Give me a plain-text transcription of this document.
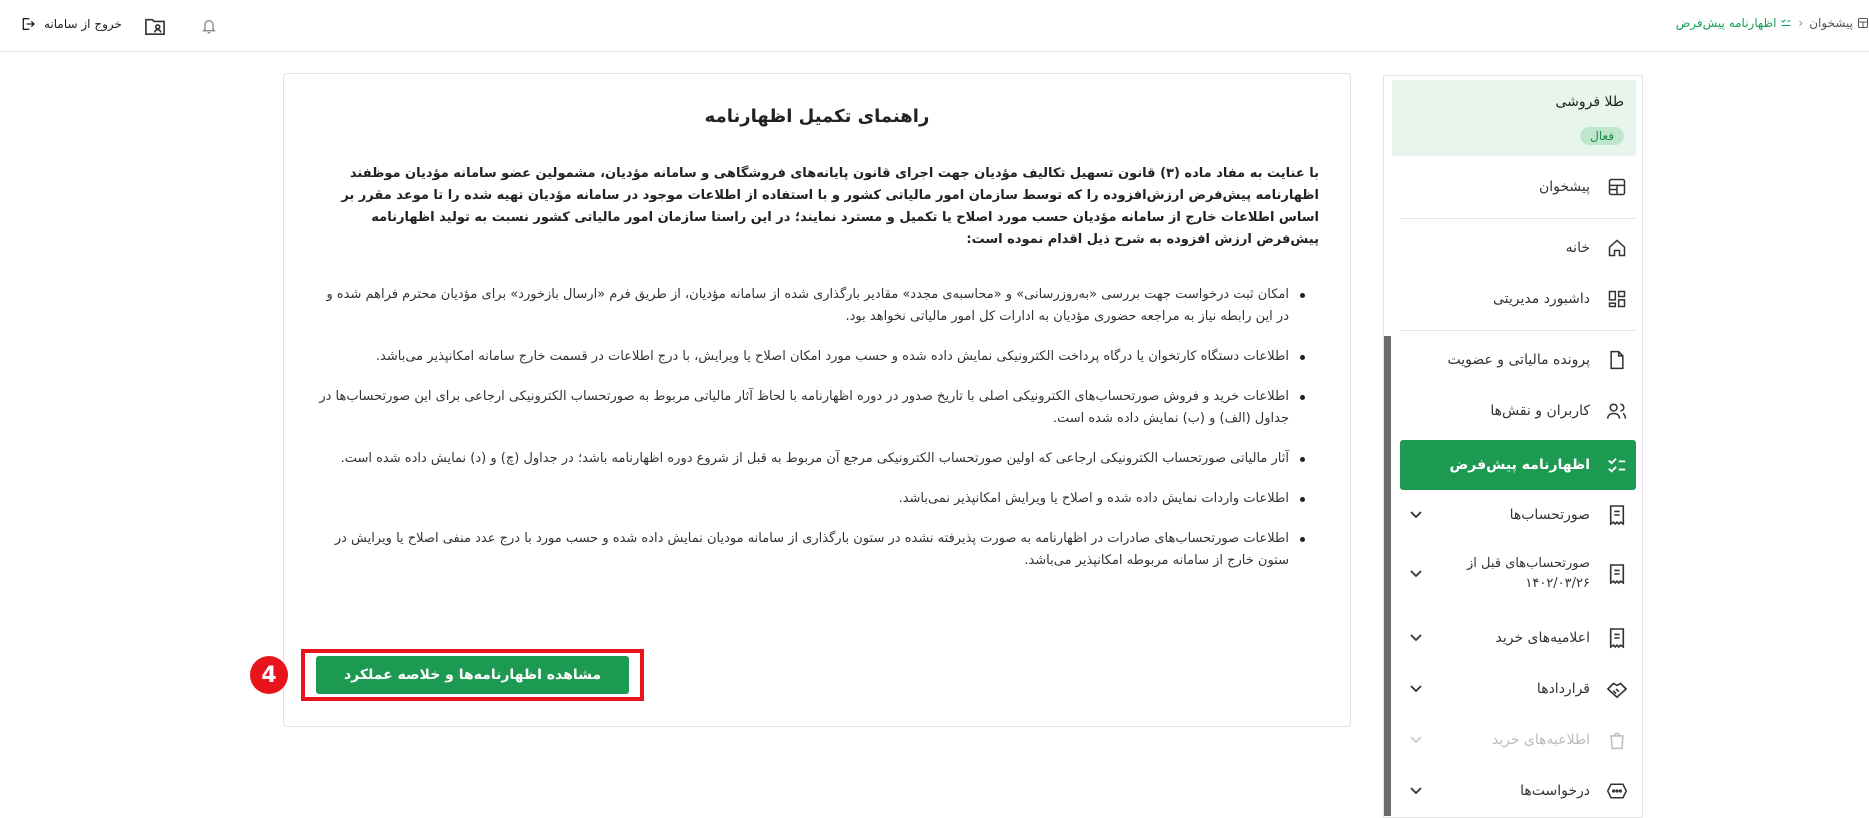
پیشخوان
‹
اظهارنامه پیش‌فرض
خروج از سامانه
راهنمای تکمیل اظهارنامه

با عنایت به مفاد ماده (۳) قانون تسهیل تکالیف مؤدیان جهت اجرای قانون پایانه‌های فروشگاهی و سامانه مؤدیان، مشمولین عضو سامانه مؤدیان موظفند اظهارنامه پیش‌فرض ارزش‌افزوده را که توسط سازمان امور مالیاتی کشور و با استفاده از اطلاعات موجود در سامانه مؤدیان تهیه شده را تا موعد مقرر بر اساس اطلاعات خارج از سامانه مؤدیان حسب مورد اصلاح یا تکمیل و مسترد نمایند؛ در این راستا سازمان امور مالیاتی کشور نسبت به تولید اظهارنامه پیش‌فرض ارزش افزوده به شرح ذیل اقدام نموده است:

امکان ثبت درخواست جهت بررسی «به‌روزرسانی» و «محاسبه‌ی مجدد» مقادیر بارگذاری شده از سامانه مؤدیان، از طریق فرم «ارسال بازخورد» برای مؤدیان محترم فراهم شده و در این رابطه نیاز به مراجعه حضوری مؤدیان به ادارات کل امور مالیاتی نخواهد بود.
اطلاعات دستگاه کارتخوان یا درگاه پرداخت الکترونیکی نمایش داده شده و حسب مورد امکان اصلاح یا ویرایش، با درج اطلاعات در قسمت خارج سامانه امکانپذیر می‌باشد.
اطلاعات خرید و فروش صورتحساب‌های الکترونیکی اصلی با تاریخ صدور در دوره اظهارنامه با لحاظ آثار مالیاتی مربوط به صورتحساب الکترونیکی ارجاعی برای این صورتحساب‌ها در جداول (الف) و (ب) نمایش داده شده است.
آثار مالیاتی صورتحساب الکترونیکی ارجاعی که اولین صورتحساب الکترونیکی مرجع آن مربوط به قبل از شروع دوره اظهارنامه باشد؛ در جداول (چ) و (د) نمایش داده شده است.
اطلاعات واردات نمایش داده شده و اصلاح یا ویرایش امکانپذیر نمی‌باشد.
اطلاعات صورتحساب‌های صادرات در اظهارنامه به صورت پذیرفته نشده در ستون بارگذاری از سامانه مودیان نمایش داده شده و حسب مورد با درج عدد منفی اصلاح یا ویرایش در ستون خارج از سامانه مربوطه امکانپذیر می‌باشد.
مشاهده اظهارنامه‌ها و خلاصه عملکرد
4
طلا فروشی
فعال
پیشخوان
خانه
داشبورد مدیریتی
پرونده مالیاتی و عضویت
کاربران و نقش‌ها
اظهارنامه پیش‌فرض
صورتحساب‌ها
صورتحساب‌های قبل از ۱۴۰۲/۰۳/۲۶
اعلامیه‌های خرید
قراردادها
اطلاعیه‌های خرید
درخواست‌ها
